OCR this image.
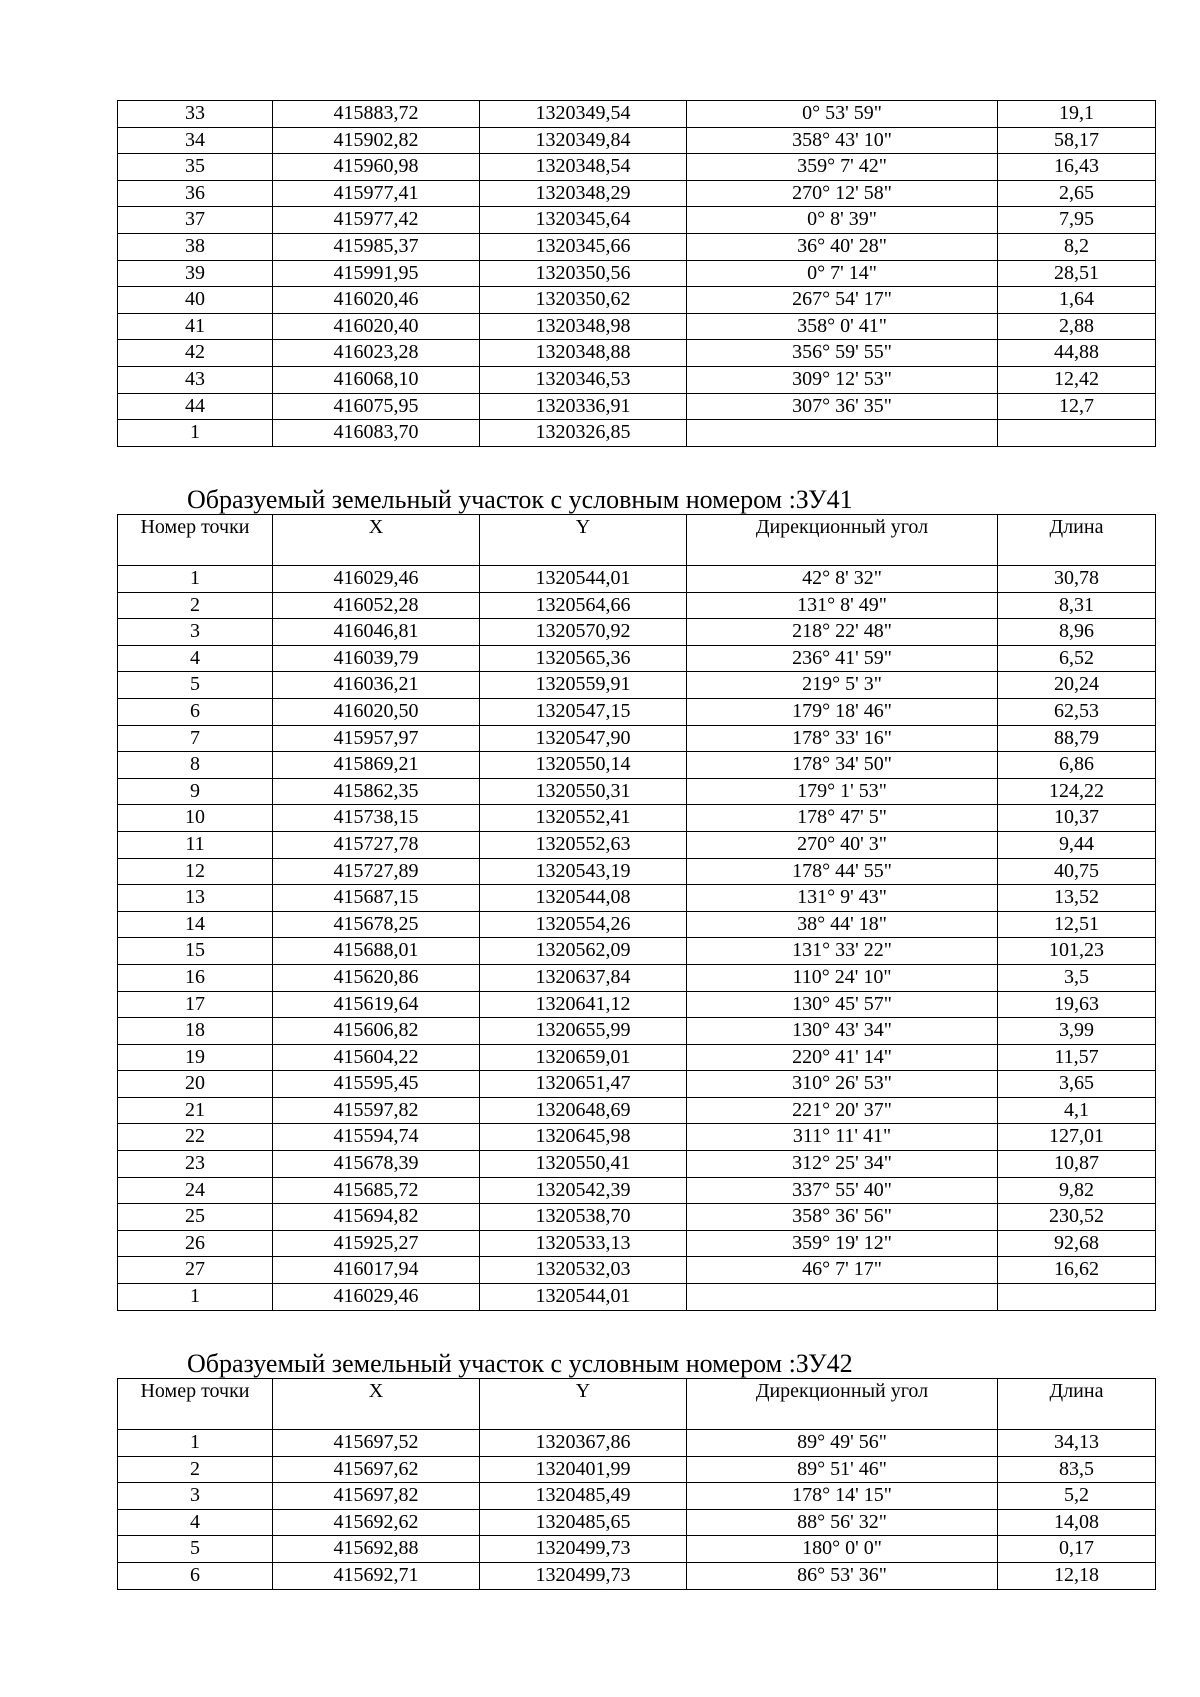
33	415883,72	1320349,54	0° 53' 59"	19,1
34	415902,82	1320349,84	358° 43' 10"	58,17
35	415960,98	1320348,54	359° 7' 42"	16,43
36	415977,41	1320348,29	270° 12' 58"	2,65
37	415977,42	1320345,64	0° 8' 39"	7,95
38	415985,37	1320345,66	36° 40' 28"	8,2
39	415991,95	1320350,56	0° 7' 14"	28,51
40	416020,46	1320350,62	267° 54' 17"	1,64
41	416020,40	1320348,98	358° 0' 41"	2,88
42	416023,28	1320348,88	356° 59' 55"	44,88
43	416068,10	1320346,53	309° 12' 53"	12,42
44	416075,95	1320336,91	307° 36' 35"	12,7
1	416083,70	1320326,85		
Образуемый земельный участок с условным номером :ЗУ41
Номер точки	X	Y	Дирекционный угол	Длина
1	416029,46	1320544,01	42° 8' 32"	30,78
2	416052,28	1320564,66	131° 8' 49"	8,31
3	416046,81	1320570,92	218° 22' 48"	8,96
4	416039,79	1320565,36	236° 41' 59"	6,52
5	416036,21	1320559,91	219° 5' 3"	20,24
6	416020,50	1320547,15	179° 18' 46"	62,53
7	415957,97	1320547,90	178° 33' 16"	88,79
8	415869,21	1320550,14	178° 34' 50"	6,86
9	415862,35	1320550,31	179° 1' 53"	124,22
10	415738,15	1320552,41	178° 47' 5"	10,37
11	415727,78	1320552,63	270° 40' 3"	9,44
12	415727,89	1320543,19	178° 44' 55"	40,75
13	415687,15	1320544,08	131° 9' 43"	13,52
14	415678,25	1320554,26	38° 44' 18"	12,51
15	415688,01	1320562,09	131° 33' 22"	101,23
16	415620,86	1320637,84	110° 24' 10"	3,5
17	415619,64	1320641,12	130° 45' 57"	19,63
18	415606,82	1320655,99	130° 43' 34"	3,99
19	415604,22	1320659,01	220° 41' 14"	11,57
20	415595,45	1320651,47	310° 26' 53"	3,65
21	415597,82	1320648,69	221° 20' 37"	4,1
22	415594,74	1320645,98	311° 11' 41"	127,01
23	415678,39	1320550,41	312° 25' 34"	10,87
24	415685,72	1320542,39	337° 55' 40"	9,82
25	415694,82	1320538,70	358° 36' 56"	230,52
26	415925,27	1320533,13	359° 19' 12"	92,68
27	416017,94	1320532,03	46° 7' 17"	16,62
1	416029,46	1320544,01		
Образуемый земельный участок с условным номером :ЗУ42
Номер точки	X	Y	Дирекционный угол	Длина
1	415697,52	1320367,86	89° 49' 56"	34,13
2	415697,62	1320401,99	89° 51' 46"	83,5
3	415697,82	1320485,49	178° 14' 15"	5,2
4	415692,62	1320485,65	88° 56' 32"	14,08
5	415692,88	1320499,73	180° 0' 0"	0,17
6	415692,71	1320499,73	86° 53' 36"	12,18
